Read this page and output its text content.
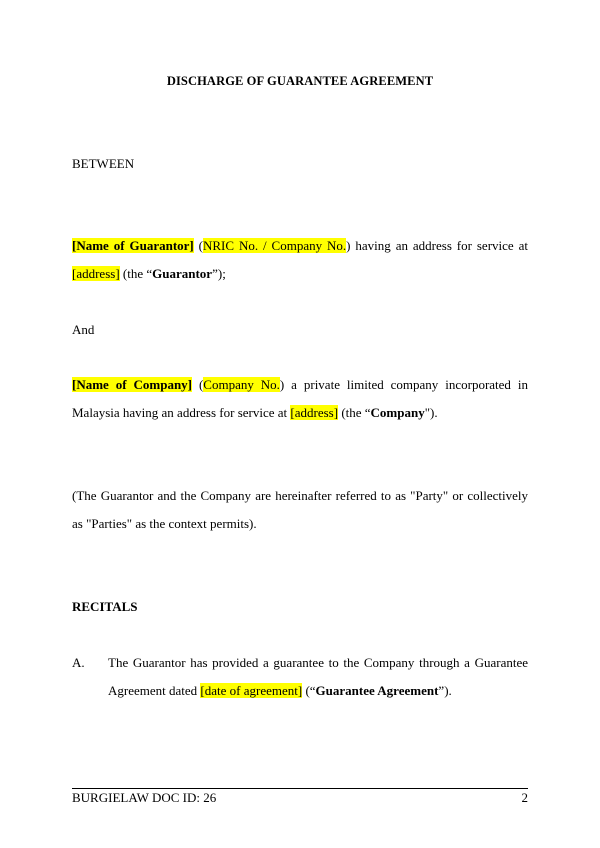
DISCHARGE OF GUARANTEE AGREEMENT
BETWEEN
[Name of Guarantor] (NRIC No. / Company No.) having an address for service at [address] (the “Guarantor”);
And
[Name of Company] (Company No.) a private limited company incorporated in Malaysia having an address for service at [address] (the “Company").
(The Guarantor and the Company are hereinafter referred to as "Party" or collectively as "Parties" as the context permits).
RECITALS
A. The Guarantor has provided a guarantee to the Company through a Guarantee Agreement dated [date of agreement] (“Guarantee Agreement”).
BURGIELAW DOC ID: 26	2
